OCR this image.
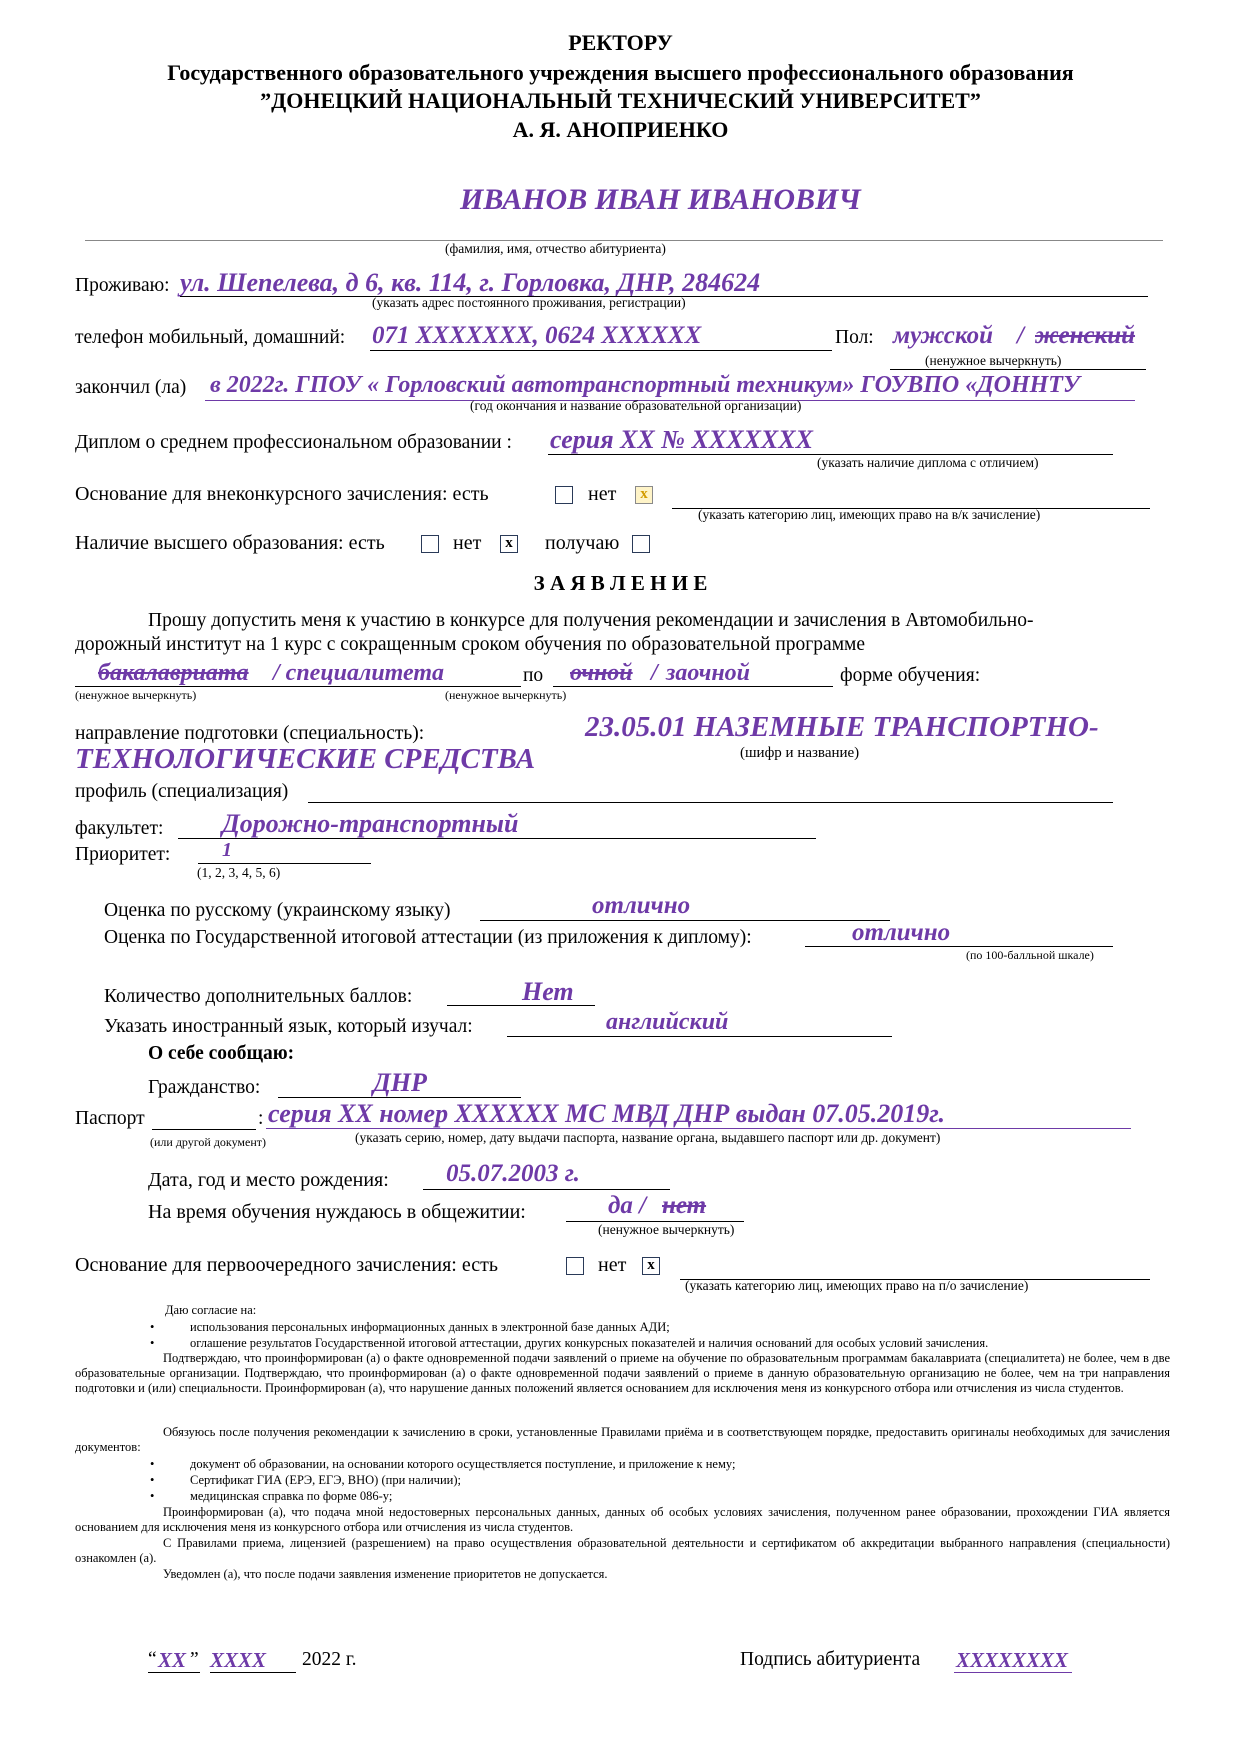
РЕКТОРУ
Государственного образовательного учреждения высшего профессионального образования
”ДОНЕЦКИЙ НАЦИОНАЛЬНЫЙ ТЕХНИЧЕСКИЙ УНИВЕРСИТЕТ”
А. Я. АНОПРИЕНКО
ИВАНОВ ИВАН ИВАНОВИЧ
(фамилия, имя, отчество абитуриента)
Проживаю: ул. Шепелева, д 6, кв. 114, г. Горловка, ДНР, 284624
(указать адрес постоянного проживания, регистрации)
телефон мобильный, домашний: 071 XXXXXXX, 0624 XXXXXX	Пол: мужской / женский
(ненужное вычеркнуть)
закончил (ла) в 2022г. ГПОУ « Горловский автотранспортный техникум» ГОУВПО «ДОННТУ
(год окончания и название образовательной организации)
Диплом о среднем профессиональном образовании : серия XX № XXXXXXX
(указать наличие диплома с отличием)
Основание для внеконкурсного зачисления: есть	нет	x
(указать категорию лиц, имеющих право на в/к зачисление)
Наличие высшего образования: есть	нет	x получаю
З А Я В Л Е Н И Е
Прошу допустить меня к участию в конкурсе для получения рекомендации и зачисления в Автомобильно-
дорожный институт на 1 курс с сокращенным сроком обучения по образовательной программе
бакалавриата / специалитета	по очной / заочной	форме обучения:
(ненужное вычеркнуть)	(ненужное вычеркнуть)
направление подготовки (специальность):	23.05.01 НАЗЕМНЫЕ ТРАНСПОРТНО-
(шифр и название)
ТЕХНОЛОГИЧЕСКИЕ СРЕДСТВА
профиль (специализация)
факультет: Дорожно-транспортный
Приоритет:	1
(1, 2, 3, 4, 5, 6)
Оценка по русскому (украинскому языку)	отлично
Оценка по Государственной итоговой аттестации (из приложения к диплому):	отлично
(по 100-балльной шкале)
Количество дополнительных баллов:	Нет
Указать иностранный язык, который изучал:	английский
О себе сообщаю:
Гражданство:	ДНР
Паспорт	: серия XX номер XXXXXX МС МВД ДНР выдан 07.05.2019г.
(или другой документ)	(указать серию, номер, дату выдачи паспорта, название органа, выдавшего паспорт или др. документ)
Дата, год и место рождения: 05.07.2003 г.
На время обучения нуждаюсь в общежитии:	да / нет
(ненужное вычеркнуть)
Основание для первоочередного зачисления: есть	нет	x
(указать категорию лиц, имеющих право на п/о зачисление)
Даю согласие на:
• использования персональных информационных данных в электронной базе данных АДИ;
• оглашение результатов Государственной итоговой аттестации, других конкурсных показателей и наличия оснований для особых условий зачисления.
Подтверждаю, что проинформирован (а) о факте одновременной подачи заявлений о приеме на обучение по образовательным программам бакалавриата (специалитета) не более, чем в две образовательные организации. Подтверждаю, что проинформирован (а) о факте одновременной подачи заявлений о приеме в данную образовательную организацию не более, чем на три направления подготовки и (или) специальности. Проинформирован (а), что нарушение данных положений является основанием для исключения меня из конкурсного отбора или отчисления из числа студентов.
Обязуюсь после получения рекомендации к зачислению в сроки, установленные Правилами приёма и в соответствующем порядке, предоставить оригиналы необходимых для зачисления документов:
• документ об образовании, на основании которого осуществляется поступление, и приложение к нему;
• Сертификат ГИА (ЕРЭ, ЕГЭ, ВНО) (при наличии);
• медицинская справка по форме 086-у;
Проинформирован (а), что подача мной недостоверных персональных данных, данных об особых условиях зачисления, полученном ранее образовании, прохождении ГИА является основанием для исключения меня из конкурсного отбора или отчисления из числа студентов.
С Правилами приема, лицензией (разрешением) на право осуществления образовательной деятельности и сертификатом об аккредитации выбранного направления (специальности) ознакомлен (а).
Уведомлен (а), что после подачи заявления изменение приоритетов не допускается.
“ XX ” XXXX 2022 г.	Подпись абитуриента XXXXXXXX
